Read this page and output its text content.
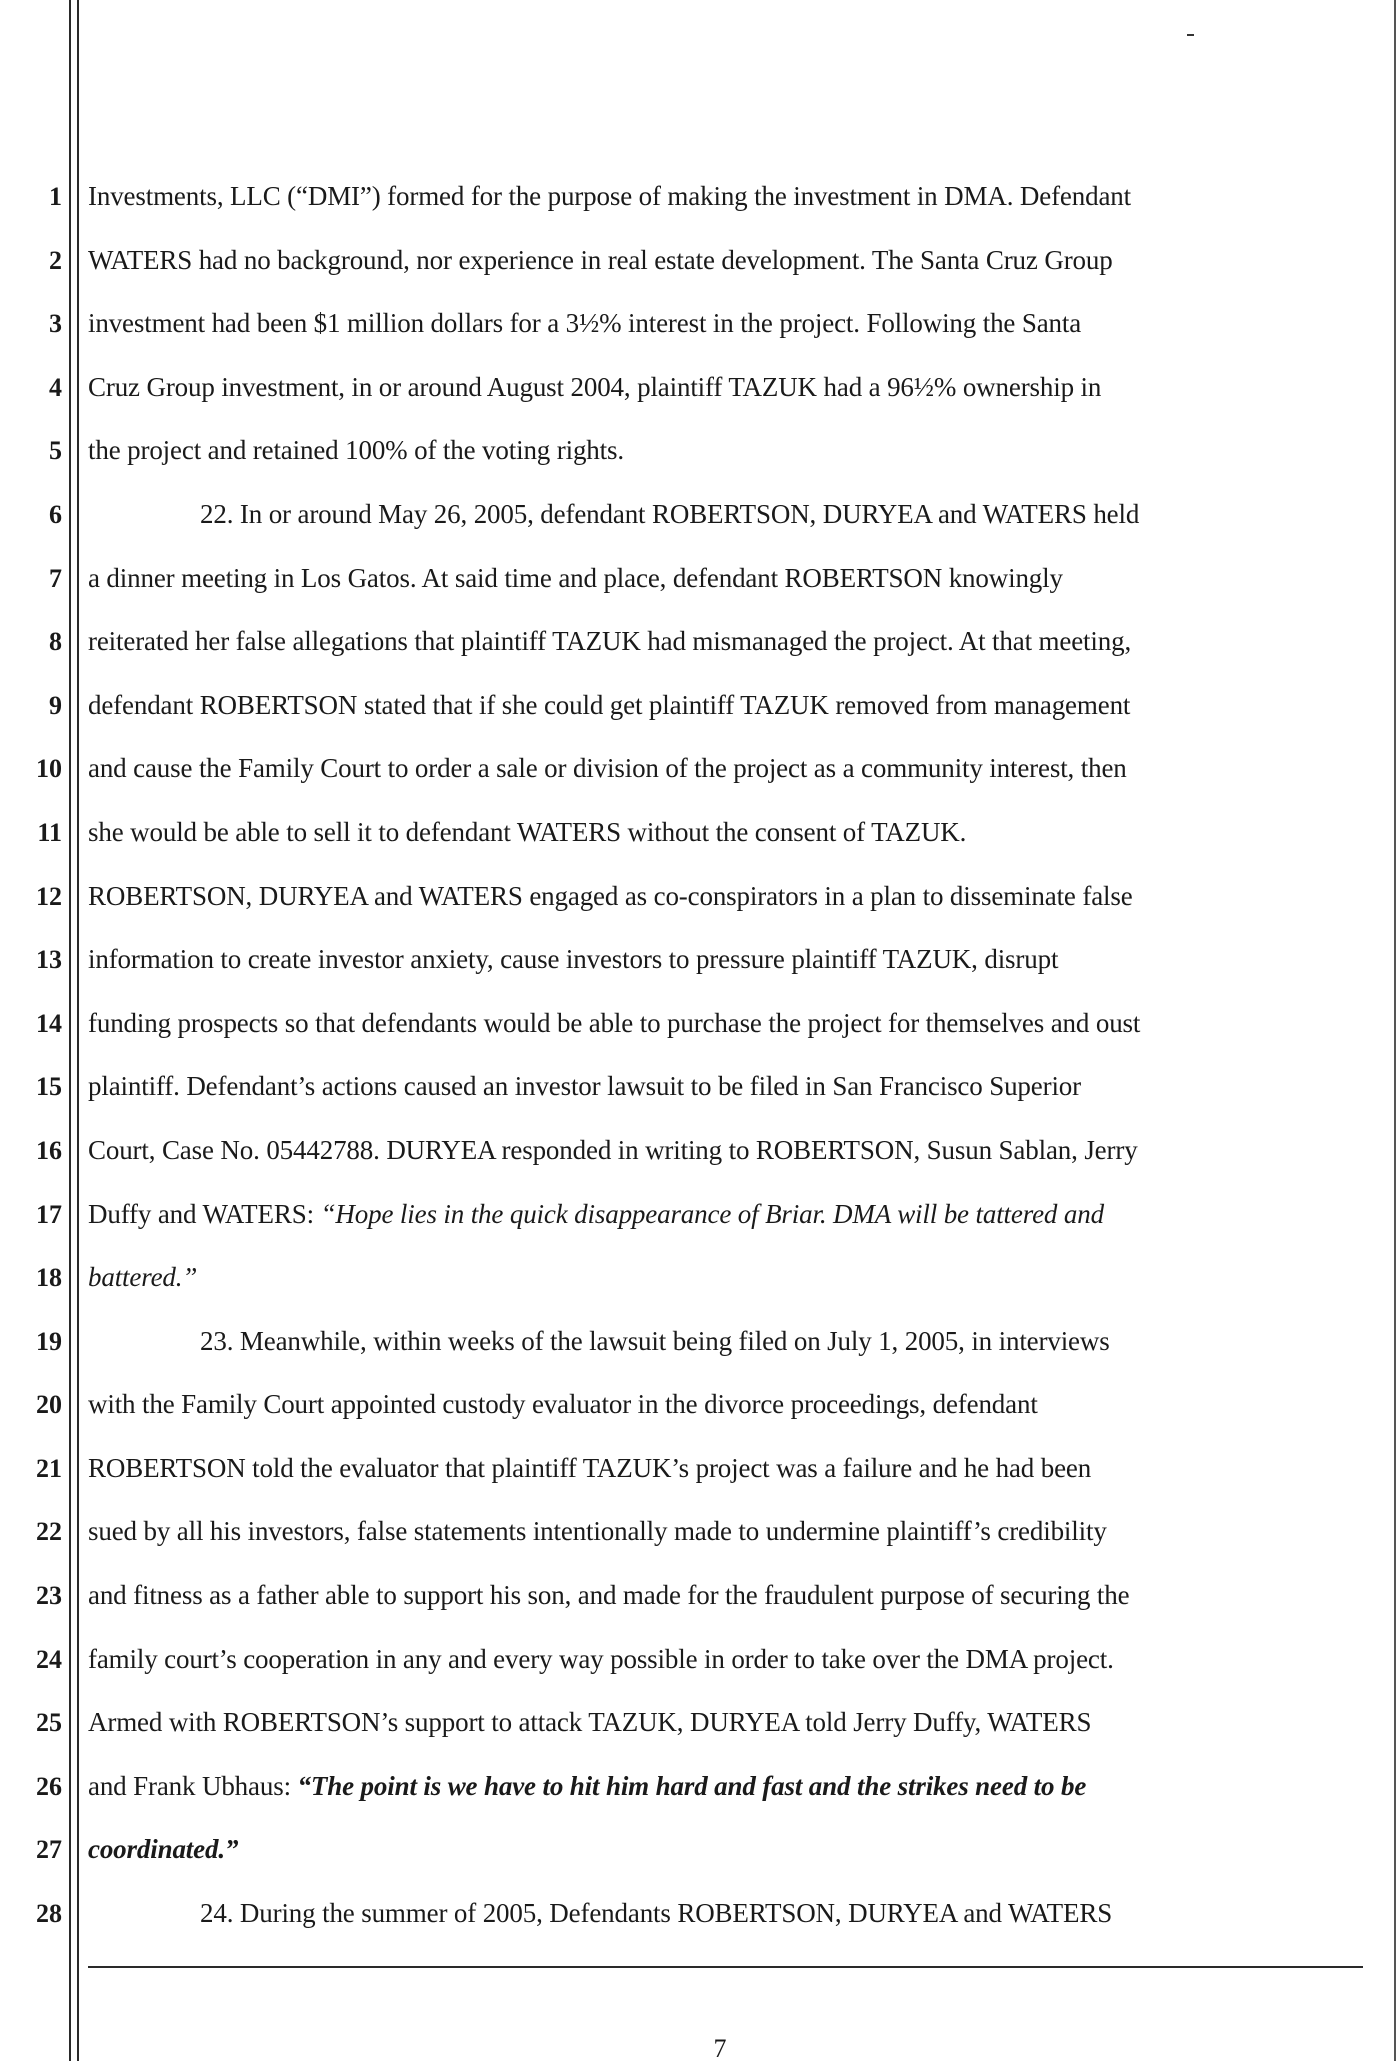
1 Investments, LLC (“DMI”) formed for the purpose of making the investment in DMA. Defendant
2 WATERS had no background, nor experience in real estate development. The Santa Cruz Group
3 investment had been $1 million dollars for a 3½% interest in the project. Following the Santa
4 Cruz Group investment, in or around August 2004, plaintiff TAZUK had a 96½% ownership in
5 the project and retained 100% of the voting rights.
6	22. In or around May 26, 2005, defendant ROBERTSON, DURYEA and WATERS held
7 a dinner meeting in Los Gatos. At said time and place, defendant ROBERTSON knowingly
8 reiterated her false allegations that plaintiff TAZUK had mismanaged the project. At that meeting,
9 defendant ROBERTSON stated that if she could get plaintiff TAZUK removed from management
10 and cause the Family Court to order a sale or division of the project as a community interest, then
11 she would be able to sell it to defendant WATERS without the consent of TAZUK.
12 ROBERTSON, DURYEA and WATERS engaged as co-conspirators in a plan to disseminate false
13 information to create investor anxiety, cause investors to pressure plaintiff TAZUK, disrupt
14 funding prospects so that defendants would be able to purchase the project for themselves and oust
15 plaintiff. Defendant’s actions caused an investor lawsuit to be filed in San Francisco Superior
16 Court, Case No. 05442788. DURYEA responded in writing to ROBERTSON, Susun Sablan, Jerry
17 Duffy and WATERS: “Hope lies in the quick disappearance of Briar. DMA will be tattered and
18 battered.”
19	23. Meanwhile, within weeks of the lawsuit being filed on July 1, 2005, in interviews
20 with the Family Court appointed custody evaluator in the divorce proceedings, defendant
21 ROBERTSON told the evaluator that plaintiff TAZUK’s project was a failure and he had been
22 sued by all his investors, false statements intentionally made to undermine plaintiff’s credibility
23 and fitness as a father able to support his son, and made for the fraudulent purpose of securing the
24 family court’s cooperation in any and every way possible in order to take over the DMA project.
25 Armed with ROBERTSON’s support to attack TAZUK, DURYEA told Jerry Duffy, WATERS
26 and Frank Ubhaus: “The point is we have to hit him hard and fast and the strikes need to be
27 coordinated.”
28	24. During the summer of 2005, Defendants ROBERTSON, DURYEA and WATERS
7
